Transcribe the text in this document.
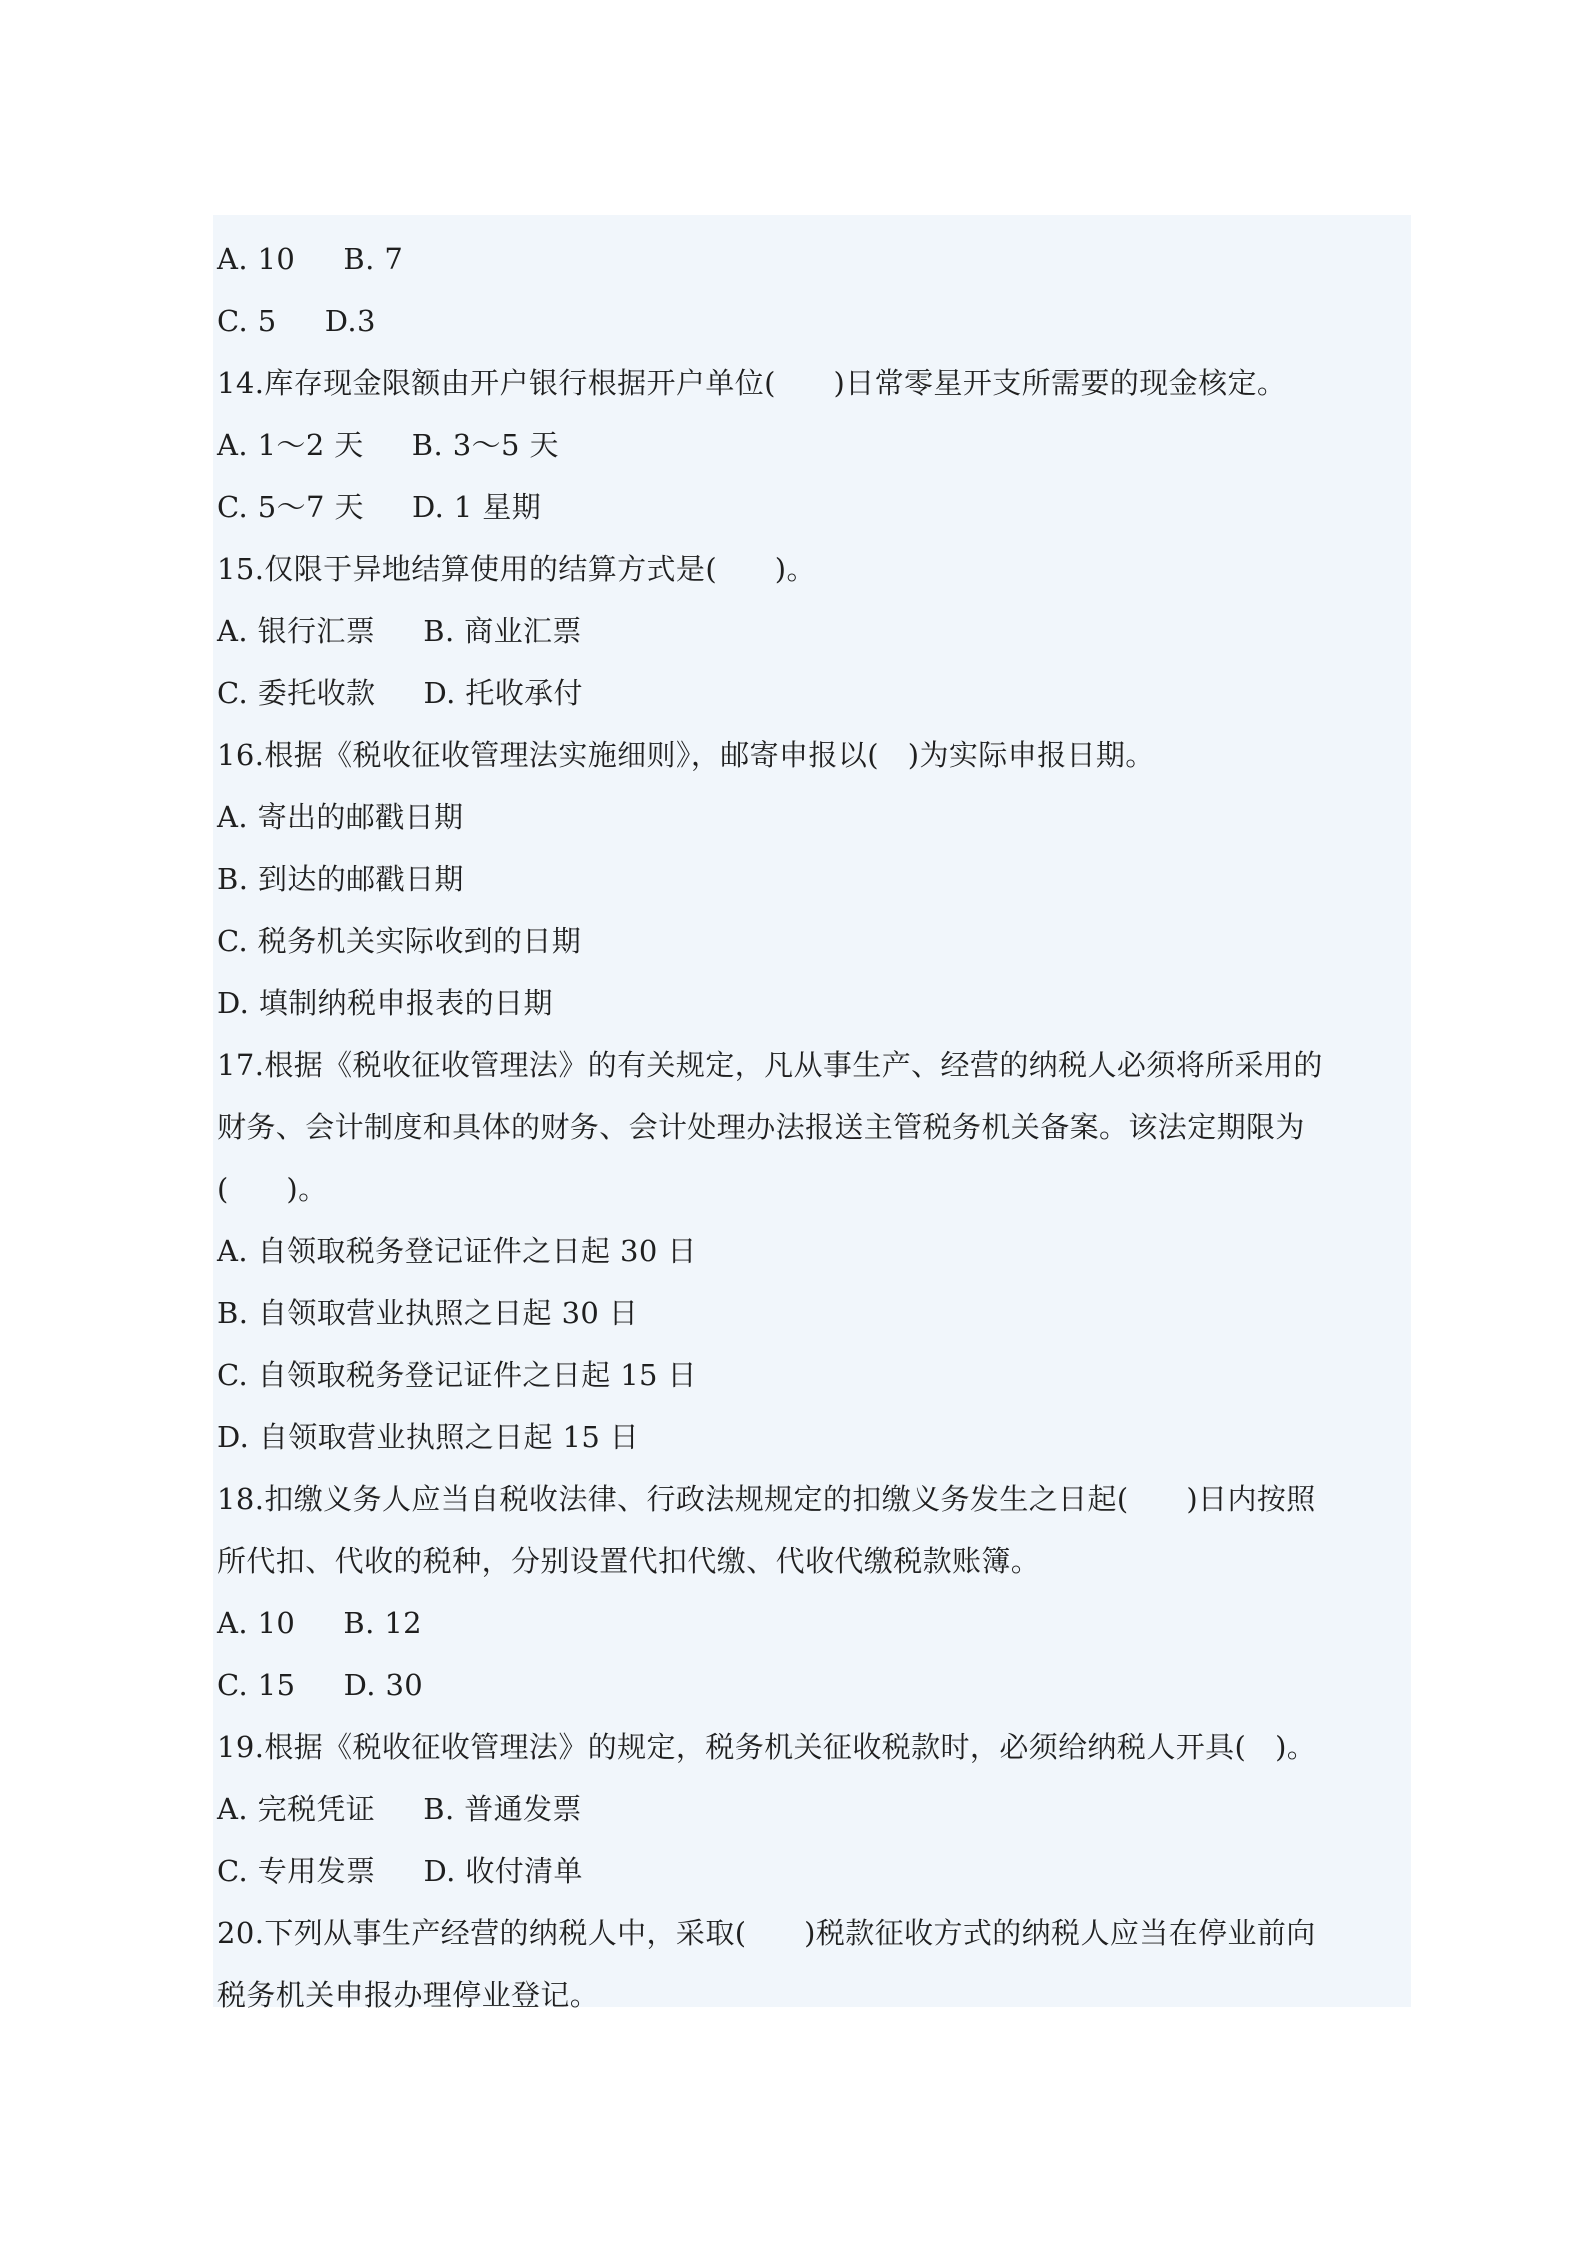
A. 10     B. 7
C. 5     D.3
14.库存现金限额由开户银行根据开户单位(      )日常零星开支所需要的现金核定。
A. 1～2 天     B. 3～5 天
C. 5～7 天     D. 1 星期
15.仅限于异地结算使用的结算方式是(      )。
A. 银行汇票     B. 商业汇票
C. 委托收款     D. 托收承付
16.根据《税收征收管理法实施细则》，邮寄申报以(   )为实际申报日期。
A. 寄出的邮戳日期
B. 到达的邮戳日期
C. 税务机关实际收到的日期
D. 填制纳税申报表的日期
17.根据《税收征收管理法》的有关规定，凡从事生产、经营的纳税人必须将所采用的
财务、会计制度和具体的财务、会计处理办法报送主管税务机关备案。该法定期限为
(      )。
A. 自领取税务登记证件之日起 30 日
B. 自领取营业执照之日起 30 日
C. 自领取税务登记证件之日起 15 日
D. 自领取营业执照之日起 15 日
18.扣缴义务人应当自税收法律、行政法规规定的扣缴义务发生之日起(      )日内按照
所代扣、代收的税种，分别设置代扣代缴、代收代缴税款账簿。
A. 10     B. 12
C. 15     D. 30
19.根据《税收征收管理法》的规定，税务机关征收税款时，必须给纳税人开具(   )。
A. 完税凭证     B. 普通发票
C. 专用发票     D. 收付清单
20.下列从事生产经营的纳税人中，采取(      )税款征收方式的纳税人应当在停业前向
税务机关申报办理停业登记。
